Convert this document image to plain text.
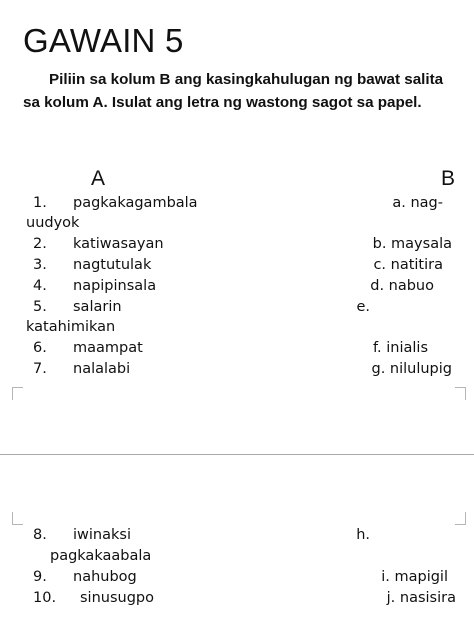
GAWAIN 5

Piliin sa kolum B ang kasingkahulugan ng bawat salita sa kolum A. Isulat ang letra ng wastong sagot sa papel.

A	B
1. pagkakagambala	a. nag-
uudyok
2. katiwasayan	b. maysala
3. nagtutulak	c. natitira
4. napipinsala	d. nabuo
5. salarin	e.
katahimikan
6. maampat	f. inialis
7. nalalabi	g. nilulupig
8. iwinaksi	h.
pagkakaabala
9. nahubog	i. mapigil
10. sinusugpo	j. nasisira
